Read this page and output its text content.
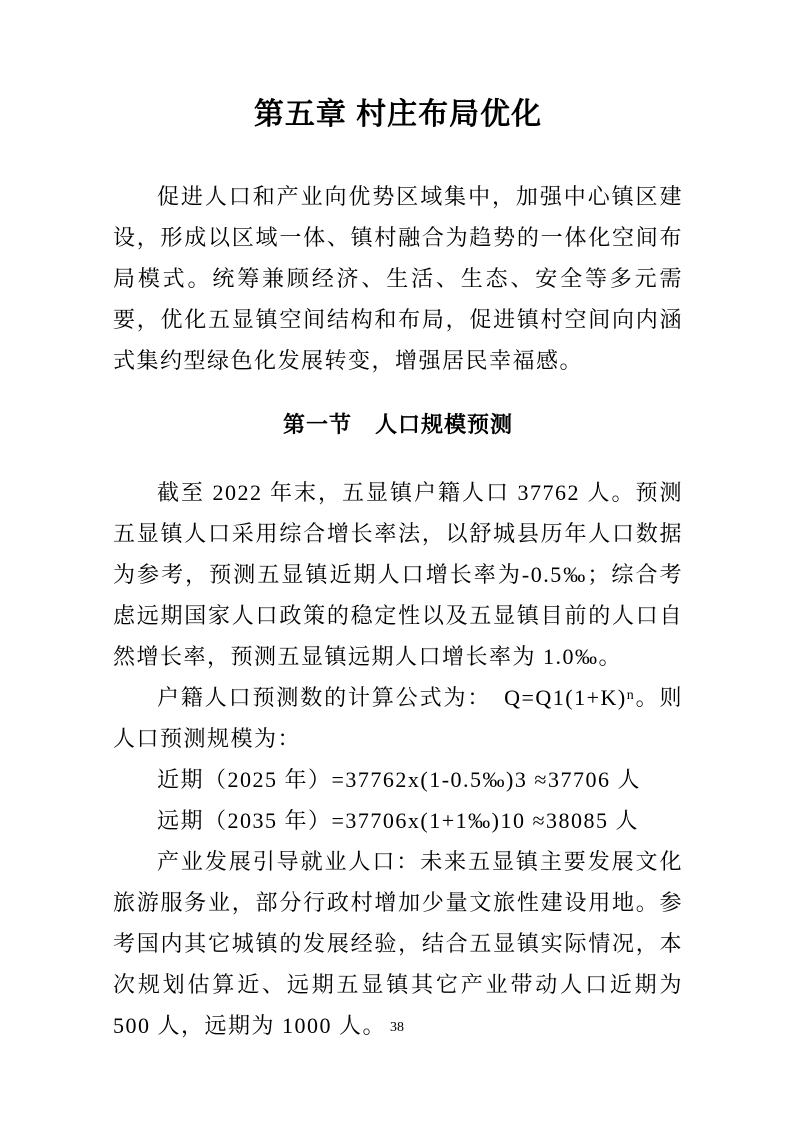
第五章 村庄布局优化

促进人口和产业向优势区域集中，加强中心镇区建设，形成以区域一体、镇村融合为趋势的一体化空间布局模式。统筹兼顾经济、生活、生态、安全等多元需要，优化五显镇空间结构和布局，促进镇村空间向内涵式集约型绿色化发展转变，增强居民幸福感。

第一节　人口规模预测

截至 2022 年末，五显镇户籍人口 37762 人。预测五显镇人口采用综合增长率法，以舒城县历年人口数据为参考，预测五显镇近期人口增长率为-0.5‰；综合考虑远期国家人口政策的稳定性以及五显镇目前的人口自然增长率，预测五显镇远期人口增长率为 1.0‰。

户籍人口预测数的计算公式为：　$Q=Q1(1+K)^n$。则人口预测规模为：

近期（2025 年）=37762x(1-0.5‰)3 ≈37706 人

远期（2035 年）=37706x(1+1‰)10 ≈38085 人

产业发展引导就业人口：未来五显镇主要发展文化旅游服务业，部分行政村增加少量文旅性建设用地。参考国内其它城镇的发展经验，结合五显镇实际情况，本次规划估算近、远期五显镇其它产业带动人口近期为 500 人，远期为 1000 人。 38
